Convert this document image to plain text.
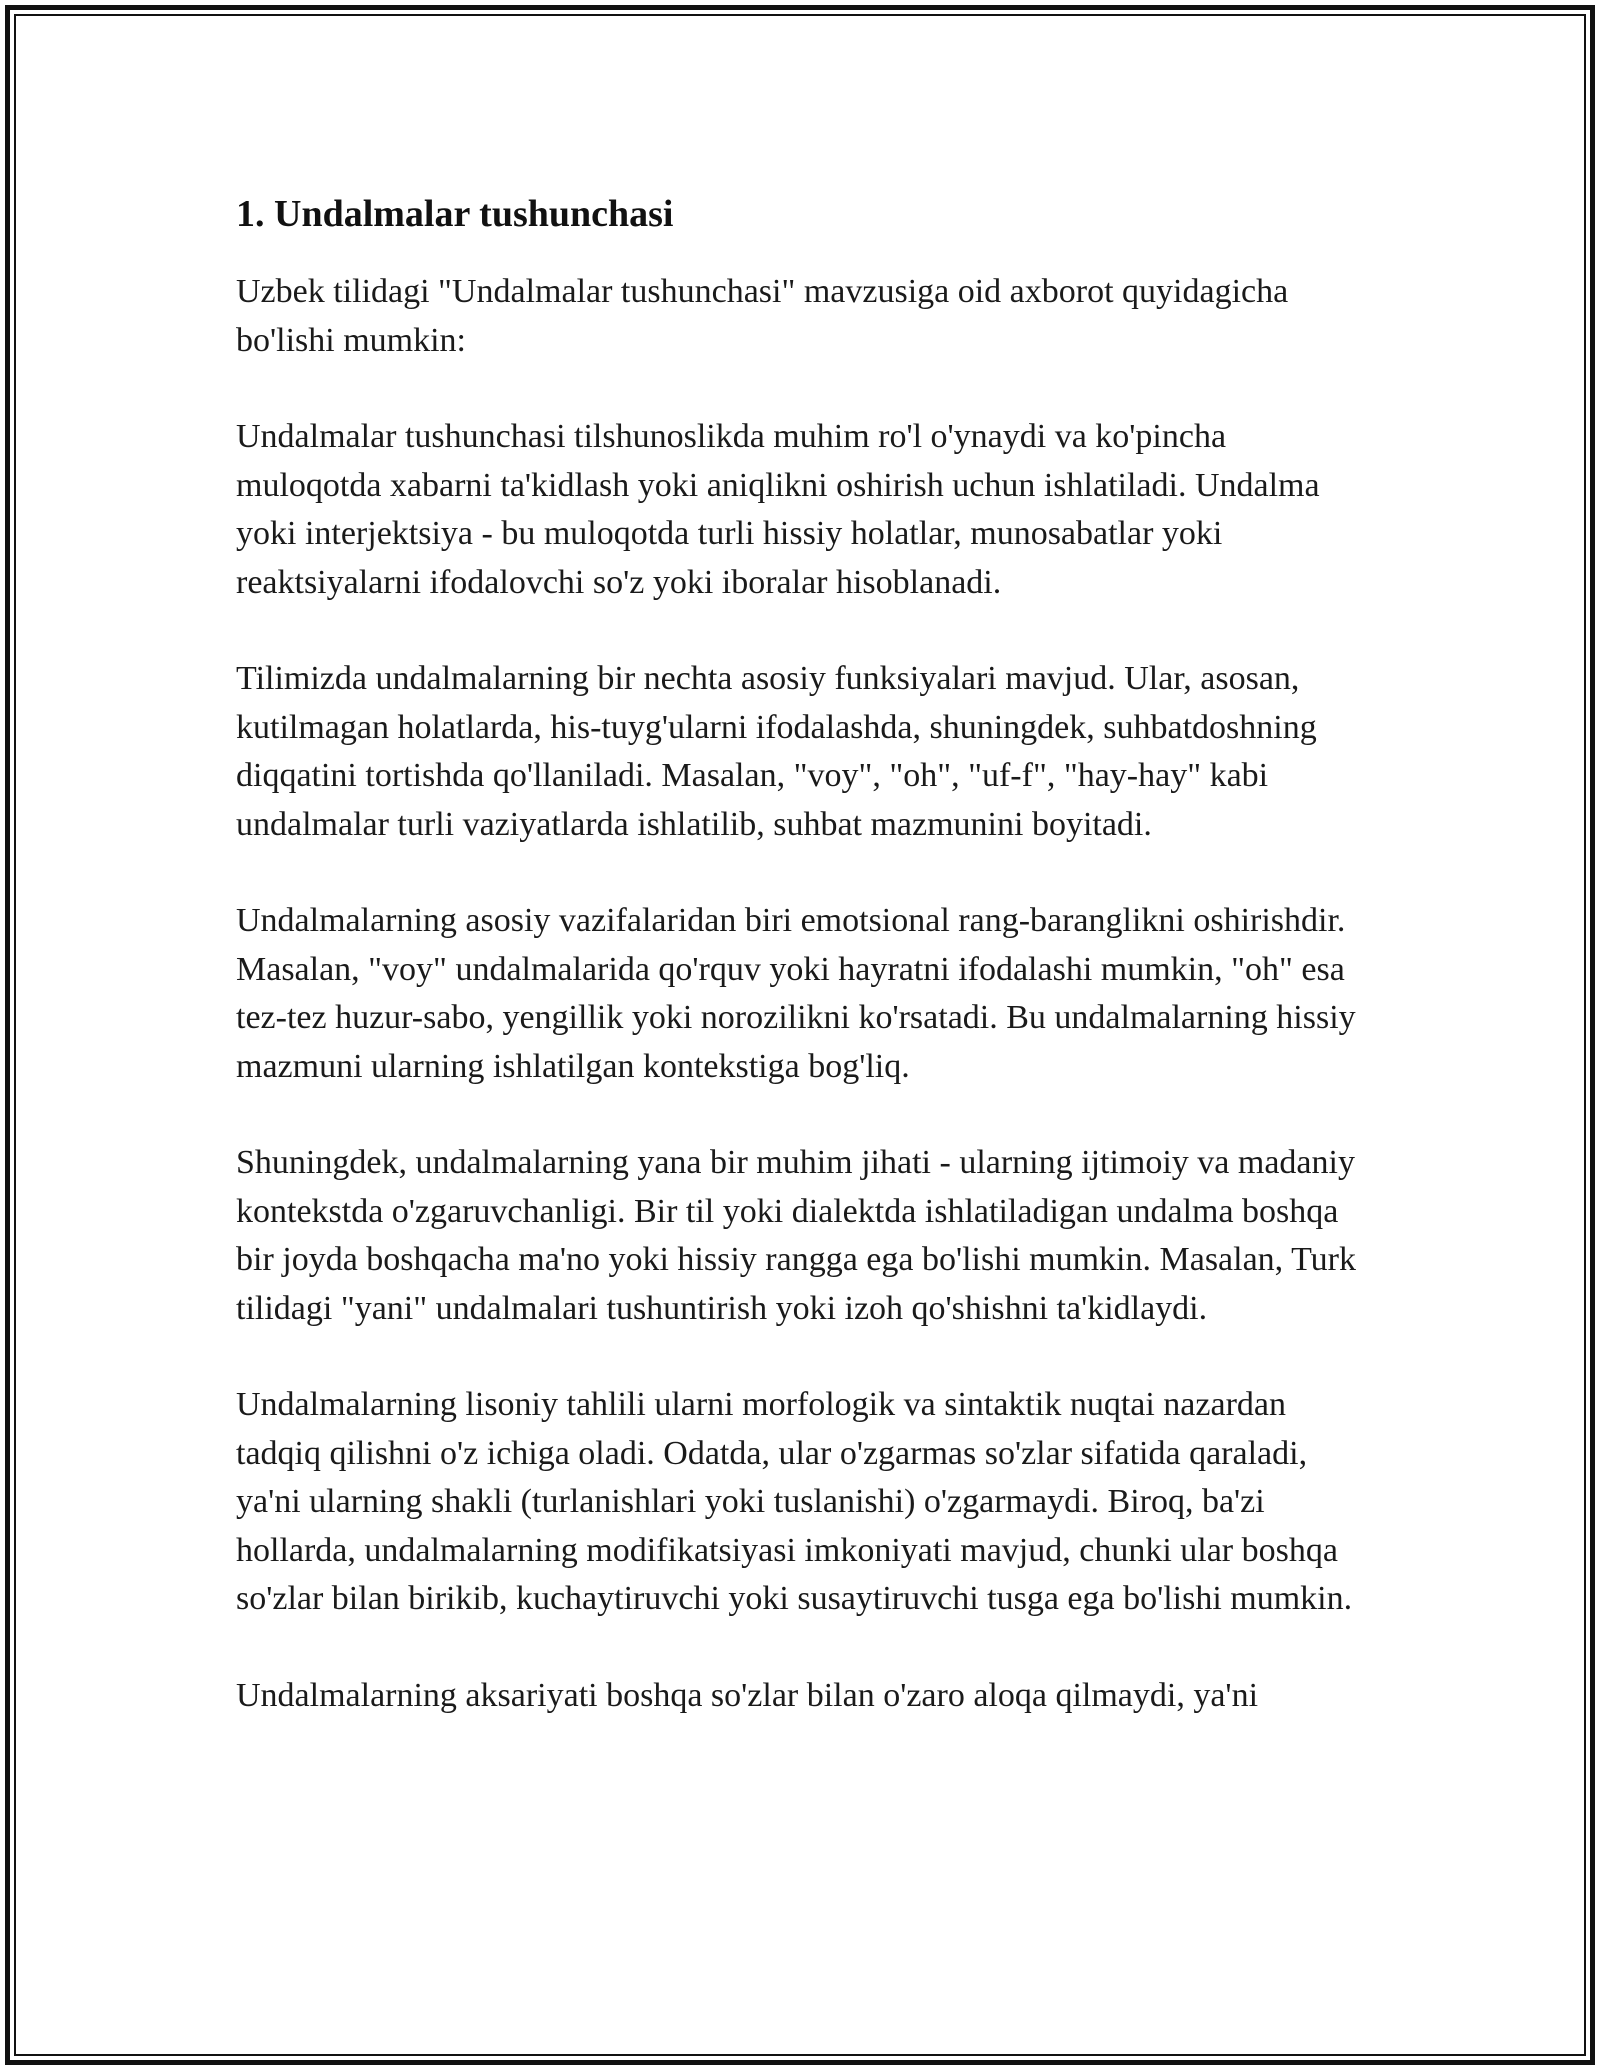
1. Undalmalar tushunchasi

Uzbek tilidagi "Undalmalar tushunchasi" mavzusiga oid axborot quyidagicha bo'lishi mumkin:

Undalmalar tushunchasi tilshunoslikda muhim ro'l o'ynaydi va ko'pincha muloqotda xabarni ta'kidlash yoki aniqlikni oshirish uchun ishlatiladi. Undalma yoki interjektsiya - bu muloqotda turli hissiy holatlar, munosabatlar yoki reaktsiyalarni ifodalovchi so'z yoki iboralar hisoblanadi.

Tilimizda undalmalarning bir nechta asosiy funksiyalari mavjud. Ular, asosan, kutilmagan holatlarda, his-tuyg'ularni ifodalashda, shuningdek, suhbatdoshning diqqatini tortishda qo'llaniladi. Masalan, "voy", "oh", "uf-f", "hay-hay" kabi undalmalar turli vaziyatlarda ishlatilib, suhbat mazmunini boyitadi.

Undalmalarning asosiy vazifalaridan biri emotsional rang-baranglikni oshirishdir. Masalan, "voy" undalmalarida qo'rquv yoki hayratni ifodalashi mumkin, "oh" esa tez-tez huzur-sabo, yengillik yoki norozilikni ko'rsatadi. Bu undalmalarning hissiy mazmuni ularning ishlatilgan kontekstiga bog'liq.

Shuningdek, undalmalarning yana bir muhim jihati - ularning ijtimoiy va madaniy kontekstda o'zgaruvchanligi. Bir til yoki dialektda ishlatiladigan undalma boshqa bir joyda boshqacha ma'no yoki hissiy rangga ega bo'lishi mumkin. Masalan, Turk tilidagi "yani" undalmalari tushuntirish yoki izoh qo'shishni ta'kidlaydi.

Undalmalarning lisoniy tahlili ularni morfologik va sintaktik nuqtai nazardan tadqiq qilishni o'z ichiga oladi. Odatda, ular o'zgarmas so'zlar sifatida qaraladi, ya'ni ularning shakli (turlanishlari yoki tuslanishi) o'zgarmaydi. Biroq, ba'zi hollarda, undalmalarning modifikatsiyasi imkoniyati mavjud, chunki ular boshqa so'zlar bilan birikib, kuchaytiruvchi yoki susaytiruvchi tusga ega bo'lishi mumkin.

Undalmalarning aksariyati boshqa so'zlar bilan o'zaro aloqa qilmaydi, ya'ni
